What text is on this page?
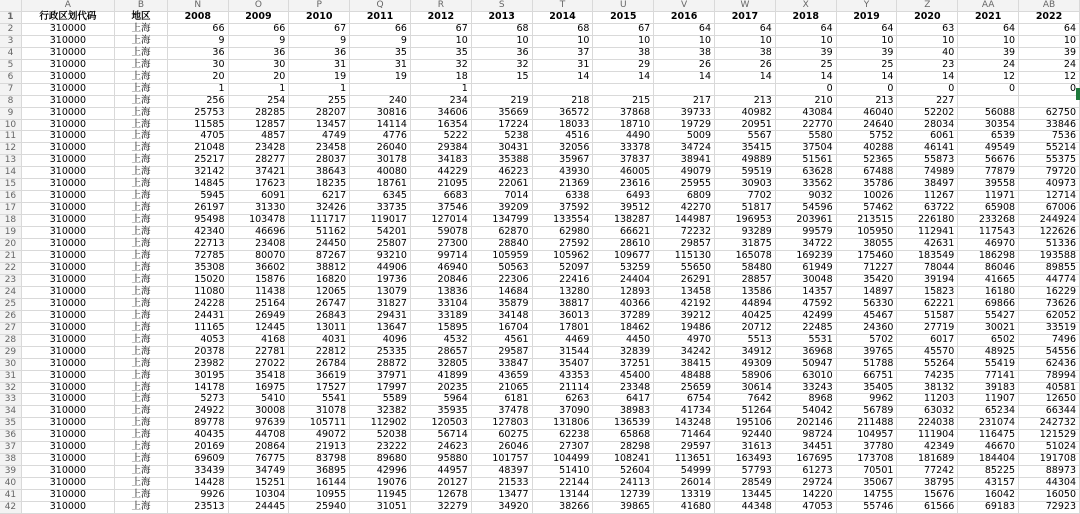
	A	B	N	O	P	Q	R	S	T	U	V	W	X	Y	Z	AA	AB
1	行政区划代码	地区	2008	2009	2010	2011	2012	2013	2014	2015	2016	2017	2018	2019	2020	2021	2022
2	310000	上海	66	66	67	66	67	68	68	67	64	64	64	64	63	64	64
3	310000	上海	9	9	9	9	10	10	10	10	10	10	10	10	10	10	10
4	310000	上海	36	36	36	35	35	36	37	38	38	38	39	39	40	39	39
5	310000	上海	30	30	31	31	32	32	31	29	26	26	25	25	23	24	24
6	310000	上海	20	20	19	19	18	15	14	14	14	14	14	14	14	12	12
7	310000	上海	1	1	1		1						0	0	0	0	0
8	310000	上海	256	254	255	240	234	219	218	215	217	213	210	213	227		
9	310000	上海	25753	28285	28207	30816	34606	35669	36572	37868	39733	40982	43084	46040	52202	56088	62750
10	310000	上海	11585	12857	13457	14114	16354	17224	18033	18710	19729	20951	22770	24640	28034	30354	33846
11	310000	上海	4705	4857	4749	4776	5222	5238	4516	4490	5009	5567	5580	5752	6061	6539	7536
12	310000	上海	21048	23428	23458	26040	29384	30431	32056	33378	34724	35415	37504	40288	46141	49549	55214
13	310000	上海	25217	28277	28037	30178	34183	35388	35967	37837	38941	49889	51561	52365	55873	56676	55375
14	310000	上海	32142	37421	38643	40080	44229	46223	43930	46005	49079	59519	63628	67488	74989	77879	79720
15	310000	上海	14845	17623	18235	18761	21095	22061	21369	23616	25955	30903	33562	35786	38497	39558	40973
16	310000	上海	5945	6091	6217	6345	6683	7014	6338	6493	6809	7702	9032	10026	11267	11971	12714
17	310000	上海	26197	31330	32426	33735	37546	39209	37592	39512	42270	51817	54596	57462	63722	65908	67006
18	310000	上海	95498	103478	111717	119017	127014	134799	133554	138287	144987	196953	203961	213515	226180	233268	244924
19	310000	上海	42340	46696	51162	54201	59078	62870	62980	66621	72232	93289	99579	105950	112941	117543	122626
20	310000	上海	22713	23408	24450	25807	27300	28840	27592	28610	29857	31875	34722	38055	42631	46970	51336
21	310000	上海	72785	80070	87267	93210	99714	105959	105962	109677	115130	165078	169239	175460	183549	186298	193588
22	310000	上海	35308	36602	38812	44906	46940	50563	52097	53259	55650	58480	61949	71227	78044	86046	89855
23	310000	上海	15020	15876	16820	19736	20846	22306	22416	24404	26291	28857	30048	35420	39194	41665	44774
24	310000	上海	11080	11438	12065	13079	13836	14684	13280	12893	13458	13586	14357	14897	15823	16180	16229
25	310000	上海	24228	25164	26747	31827	33104	35879	38817	40366	42192	44894	47592	56330	62221	69866	73626
26	310000	上海	24431	26949	26843	29431	33189	34148	36013	37289	39212	40425	42499	45467	51587	55427	62052
27	310000	上海	11165	12445	13011	13647	15895	16704	17801	18462	19486	20712	22485	24360	27719	30021	33519
28	310000	上海	4053	4168	4031	4096	4532	4561	4469	4450	4970	5513	5531	5702	6017	6502	7496
29	310000	上海	20378	22781	22812	25335	28657	29587	31544	32839	34242	34912	36968	39765	45570	48925	54556
30	310000	上海	23982	27022	26784	28872	32805	33847	35407	37251	38415	49309	50947	51788	55264	55419	62436
31	310000	上海	30195	35418	36619	37971	41899	43659	43353	45400	48488	58906	63010	66751	74235	77141	78994
32	310000	上海	14178	16975	17527	17997	20235	21065	21114	23348	25659	30614	33243	35405	38132	39183	40581
33	310000	上海	5273	5410	5541	5589	5964	6181	6263	6417	6754	7642	8968	9962	11203	11907	12650
34	310000	上海	24922	30008	31078	32382	35935	37478	37090	38983	41734	51264	54042	56789	63032	65234	66344
35	310000	上海	89778	97639	105711	112902	120503	127803	131806	136539	143248	195106	202146	211488	224038	231074	242732
36	310000	上海	40435	44708	49072	52038	56714	60275	62238	65868	71464	92440	98724	104957	111904	116475	121529
37	310000	上海	20169	20864	21913	23222	24623	26046	27307	28298	29597	31613	34451	37780	42349	46670	51024
38	310000	上海	69609	76775	83798	89680	95880	101757	104499	108241	113651	163493	167695	173708	181689	184404	191708
39	310000	上海	33439	34749	36895	42996	44957	48397	51410	52604	54999	57793	61273	70501	77242	85225	88973
40	310000	上海	14428	15251	16144	19076	20127	21533	22144	24113	26014	28549	29724	35067	38795	43157	44304
41	310000	上海	9926	10304	10955	11945	12678	13477	13144	12739	13319	13445	14220	14755	15676	16042	16050
42	310000	上海	23513	24445	25940	31051	32279	34920	38266	39865	41680	44348	47053	55746	61566	69183	72923
